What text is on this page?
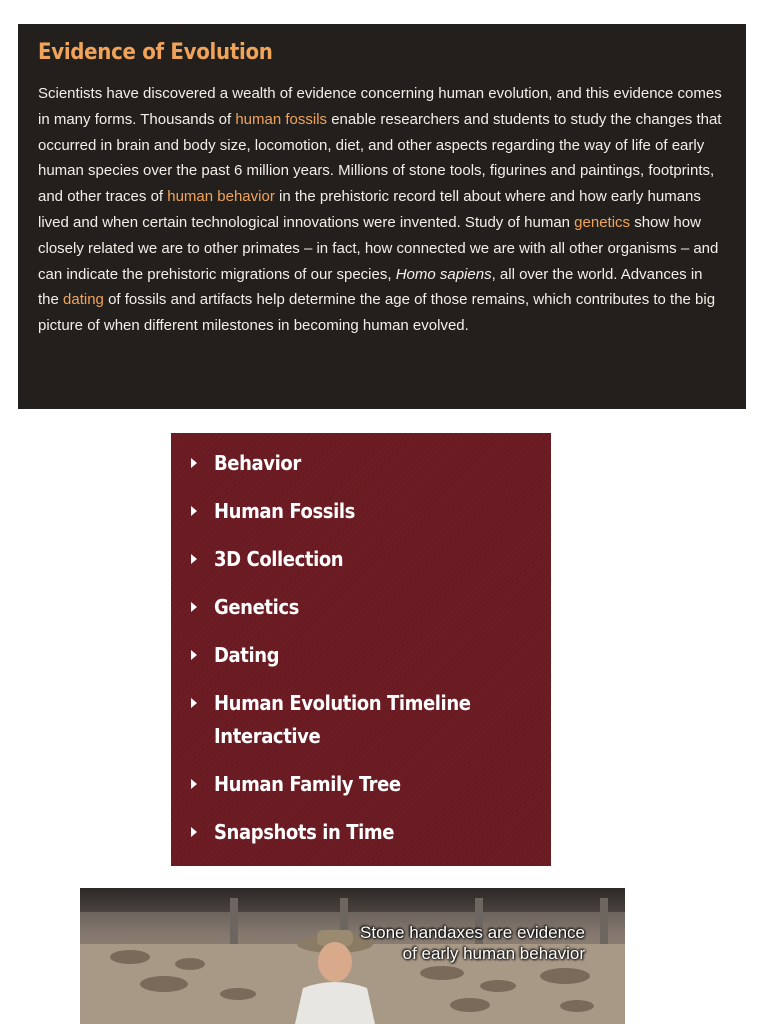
Evidence of Evolution

Scientists have discovered a wealth of evidence concerning human evolution, and this evidence comes in many forms. Thousands of human fossils enable researchers and students to study the changes that occurred in brain and body size, locomotion, diet, and other aspects regarding the way of life of early human species over the past 6 million years. Millions of stone tools, figurines and paintings, footprints, and other traces of human behavior in the prehistoric record tell about where and how early humans lived and when certain technological innovations were invented. Study of human genetics show how closely related we are to other primates – in fact, how connected we are with all other organisms – and can indicate the prehistoric migrations of our species, Homo sapiens, all over the world. Advances in the dating of fossils and artifacts help determine the age of those remains, which contributes to the big picture of when different milestones in becoming human evolved.

Behavior
Human Fossils
3D Collection
Genetics
Dating
Human Evolution Timeline Interactive
Human Family Tree
Snapshots in Time
Stone handaxes are evidence
of early human behavior
